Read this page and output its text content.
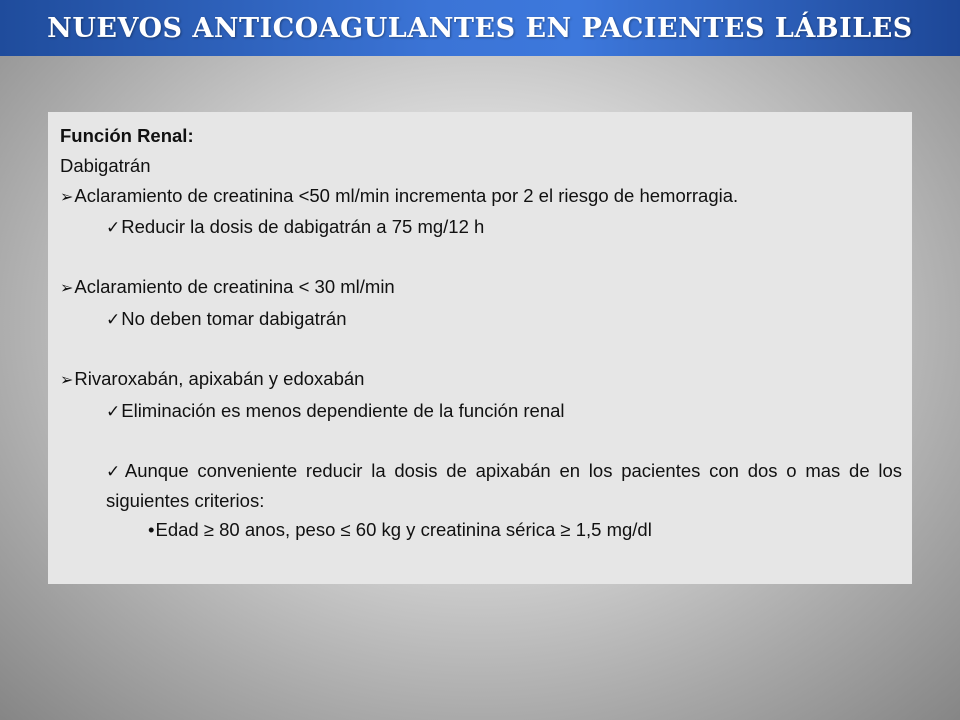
NUEVOS ANTICOAGULANTES EN PACIENTES LÁBILES
Función Renal:
Dabigatrán
➢Aclaramiento de creatinina <50 ml/min incrementa por 2 el riesgo de hemorragia.
✓Reducir la dosis de dabigatrán a 75 mg/12 h
➢Aclaramiento de creatinina < 30 ml/min
✓No deben tomar dabigatrán
➢Rivaroxabán, apixabán y edoxabán
✓Eliminación es menos dependiente de la función renal
✓Aunque conveniente reducir la dosis de apixabán en los pacientes con dos o mas de los siguientes criterios:
•Edad ≥ 80 anos, peso ≤ 60 kg y creatinina sérica ≥ 1,5 mg/dl
